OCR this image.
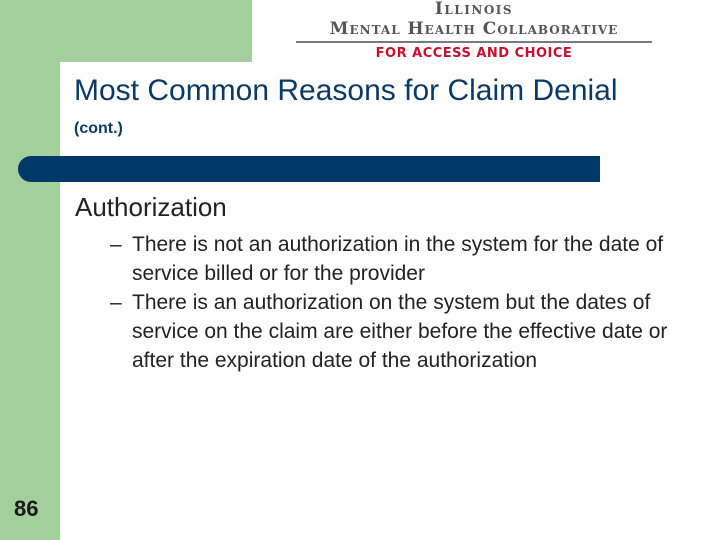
Illinois
Mental Health Collaborative
FOR ACCESS AND CHOICE
Most Common Reasons for Claim Denial (cont.)
Authorization
– There is not an authorization in the system for the date of service billed or for the provider
– There is an authorization on the system but the dates of service on the claim are either before the effective date or after the expiration date of the authorization
86
